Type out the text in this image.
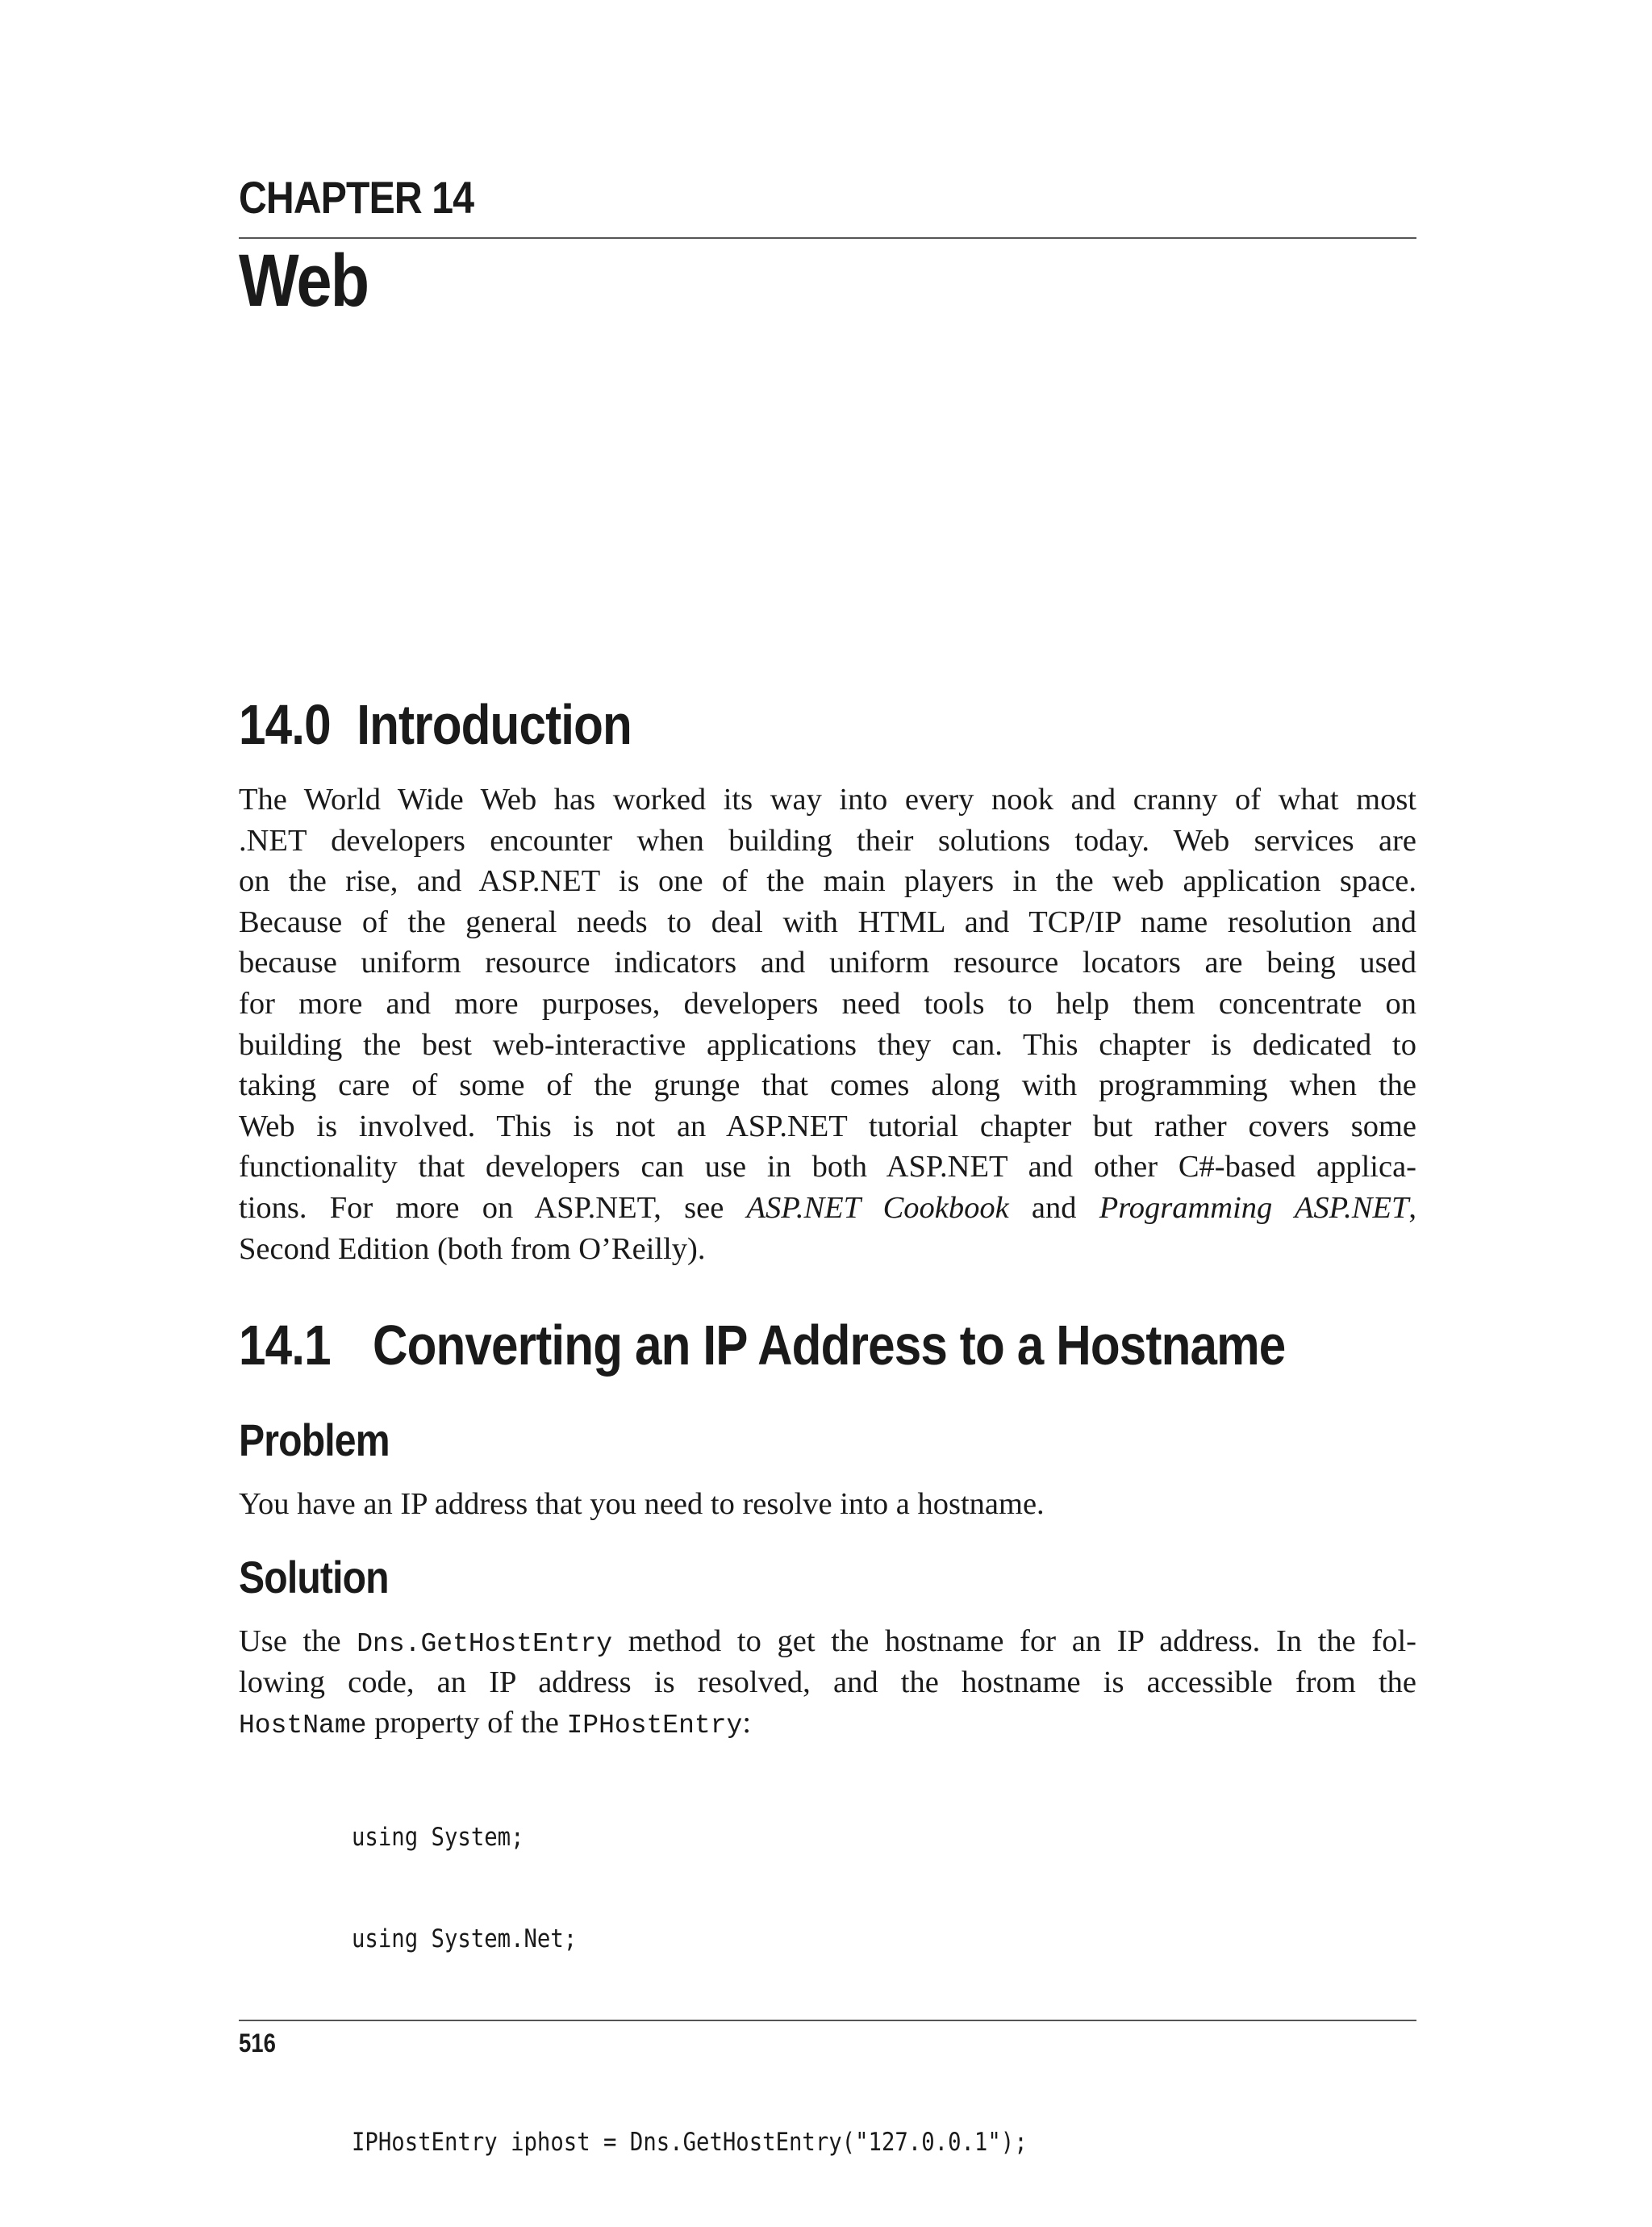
CHAPTER 14
Web
14.0 Introduction
The World Wide Web has worked its way into every nook and cranny of what most
.NET developers encounter when building their solutions today. Web services are
on the rise, and ASP.NET is one of the main players in the web application space.
Because of the general needs to deal with HTML and TCP/IP name resolution and
because uniform resource indicators and uniform resource locators are being used
for more and more purposes, developers need tools to help them concentrate on
building the best web-interactive applications they can. This chapter is dedicated to
taking care of some of the grunge that comes along with programming when the
Web is involved. This is not an ASP.NET tutorial chapter but rather covers some
functionality that developers can use in both ASP.NET and other C#-based applica-
tions. For more on ASP.NET, see ASP.NET Cookbook and Programming ASP.NET,
Second Edition (both from O’Reilly).
14.1 Converting an IP Address to a Hostname
Problem
You have an IP address that you need to resolve into a hostname.
Solution
Use the Dns.GetHostEntry method to get the hostname for an IP address. In the fol-
lowing code, an IP address is resolved, and the hostname is accessible from the
HostName property of the IPHostEntry:

using System;

using System.Net;

IPHostEntry iphost = Dns.GetHostEntry("127.0.0.1");

516
